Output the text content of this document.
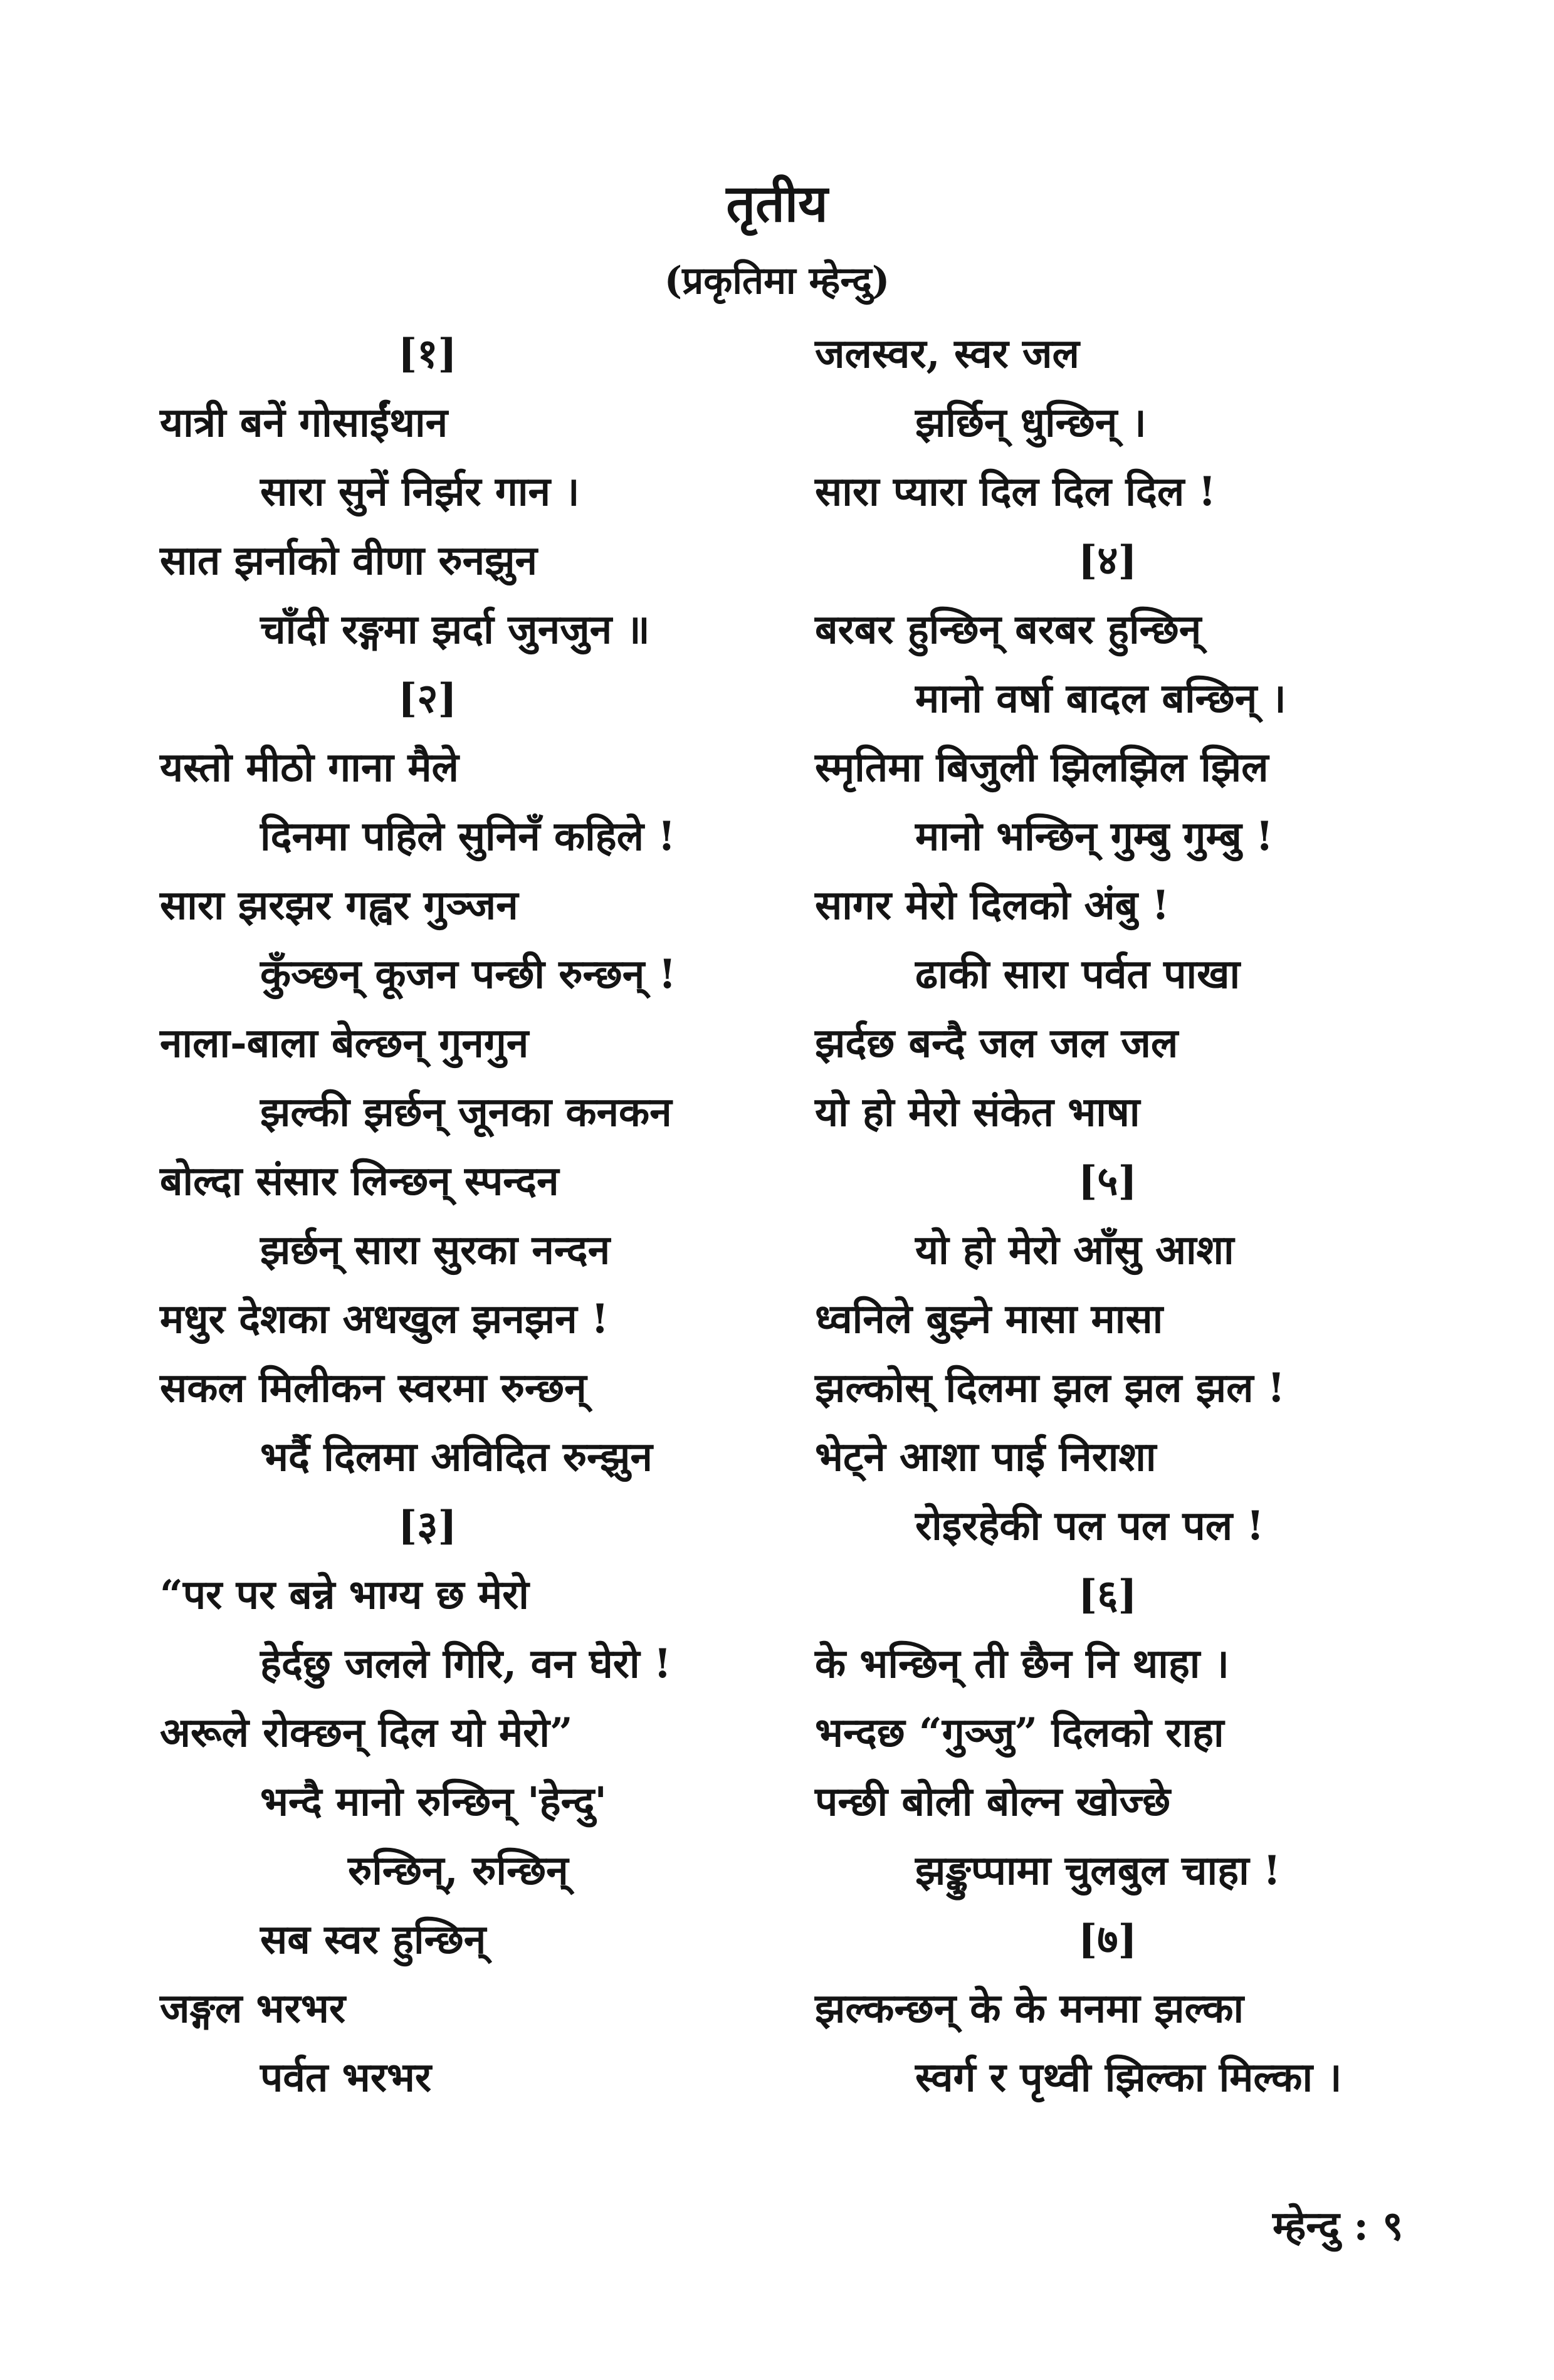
तृतीय
(प्रकृतिमा म्हेन्दु)
[१]
यात्री बनें गोसाईंथान
सारा सुनें निर्झर गान ।
सात झर्नाको वीणा रुनझुन
चाँदी रङ्गमा झर्दा जुनजुन ॥
[२]
यस्तो मीठो गाना मैले
दिनमा पहिले सुनिनँ कहिले !
सारा झरझर गह्वर गुञ्जन
कुँञ्छन् कूजन पन्छी रुन्छन् !
नाला-बाला बेल्छन् गुनगुन
झल्की झर्छन् जूनका कनकन
बोल्दा संसार लिन्छन् स्पन्दन
झर्छन् सारा सुरका नन्दन
मधुर देशका अधखुल झनझन !
सकल मिलीकन स्वरमा रुन्छन्
भर्दै दिलमा अविदित रुन्झुन
[३]
“पर पर बन्ने भाग्य छ मेरो
हेर्दछु जलले गिरि, वन घेरो !
अरूले रोक्छन् दिल यो मेरो”
भन्दै मानो रुन्छिन् 'हेन्दु'
रुन्छिन्, रुन्छिन्
सब स्वर हुन्छिन्
जङ्गल भरभर
पर्वत भरभर
जलस्वर, स्वर जल
झर्छिन् धुन्छिन् ।
सारा प्यारा दिल दिल दिल !
[४]
बरबर हुन्छिन् बरबर हुन्छिन्
मानो वर्षा बादल बन्छिन् ।
स्मृतिमा बिजुली झिलझिल झिल
मानो भन्छिन् गुम्बु गुम्बु !
सागर मेरो दिलको अंबु !
ढाकी सारा पर्वत पाखा
झर्दछ बन्दै जल जल जल
यो हो मेरो संकेत भाषा
[५]
यो हो मेरो आँसु आशा
ध्वनिले बुझ्ने मासा मासा
झल्कोस् दिलमा झल झल झल !
भेट्ने आशा पाई निराशा
रोइरहेकी पल पल पल !
[६]
के भन्छिन् ती छैन नि थाहा ।
भन्दछ “गुञ्जु” दिलको राहा
पन्छी बोली बोल्न खोज्छे
झङ्कुप्पामा चुलबुल चाहा !
[७]
झल्कन्छन् के के मनमा झल्का
स्वर्ग र पृथ्वी झिल्का मिल्का ।
म्हेन्दु : ९
